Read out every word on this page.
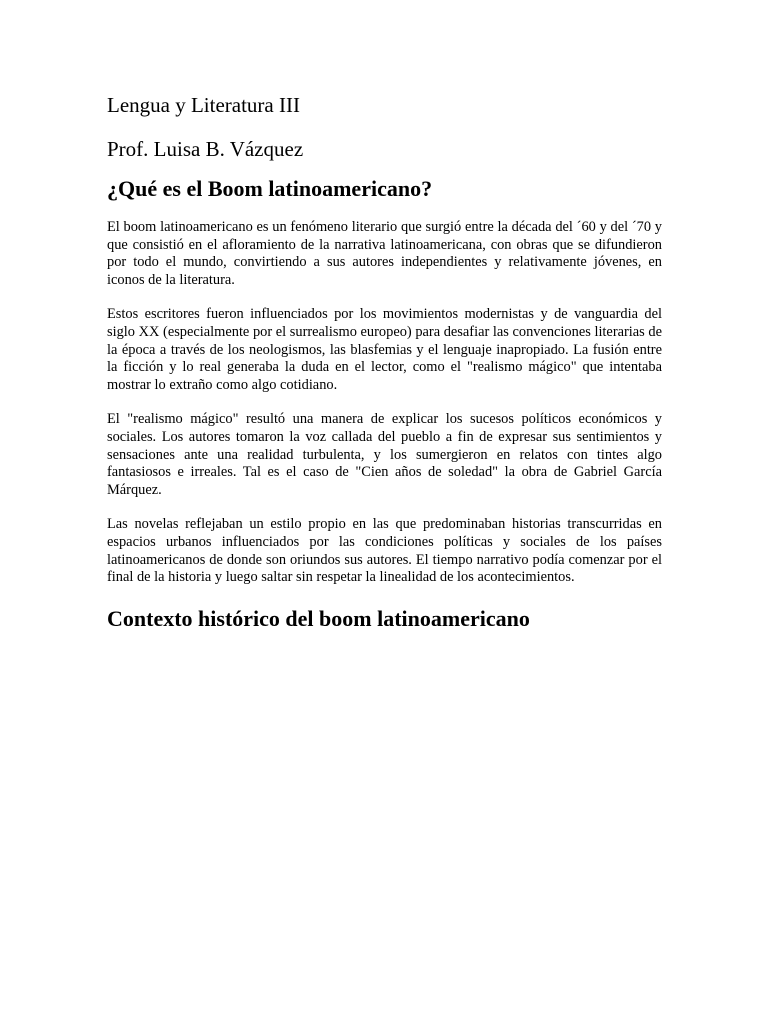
Lengua y Literatura III
Prof. Luisa B. Vázquez
¿Qué es el Boom latinoamericano?

El boom latinoamericano es un fenómeno literario que surgió entre la década del ´60 y del ´70 y que consistió en el afloramiento de la narrativa latinoamericana, con obras que se difundieron por todo el mundo, convirtiendo a sus autores independientes y relativamente jóvenes, en iconos de la literatura.

Estos escritores fueron influenciados por los movimientos modernistas y de vanguardia del siglo XX (especialmente por el surrealismo europeo) para desafiar las convenciones literarias de la época a través de los neologismos, las blasfemias y el lenguaje inapropiado. La fusión entre la ficción y lo real generaba la duda en el lector, como el "realismo mágico" que intentaba mostrar lo extraño como algo cotidiano.

El "realismo mágico" resultó una manera de explicar los sucesos políticos económicos y sociales. Los autores tomaron la voz callada del pueblo a fin de expresar sus sentimientos y sensaciones ante una realidad turbulenta, y los sumergieron en relatos con tintes algo fantasiosos e irreales. Tal es el caso de "Cien años de soledad" la obra de Gabriel García Márquez.

Las novelas reflejaban un estilo propio en las que predominaban historias transcurridas en espacios urbanos influenciados por las condiciones políticas y sociales de los países latinoamericanos de donde son oriundos sus autores. El tiempo narrativo podía comenzar por el final de la historia y luego saltar sin respetar la linealidad de los acontecimientos.

Contexto histórico del boom latinoamericano
